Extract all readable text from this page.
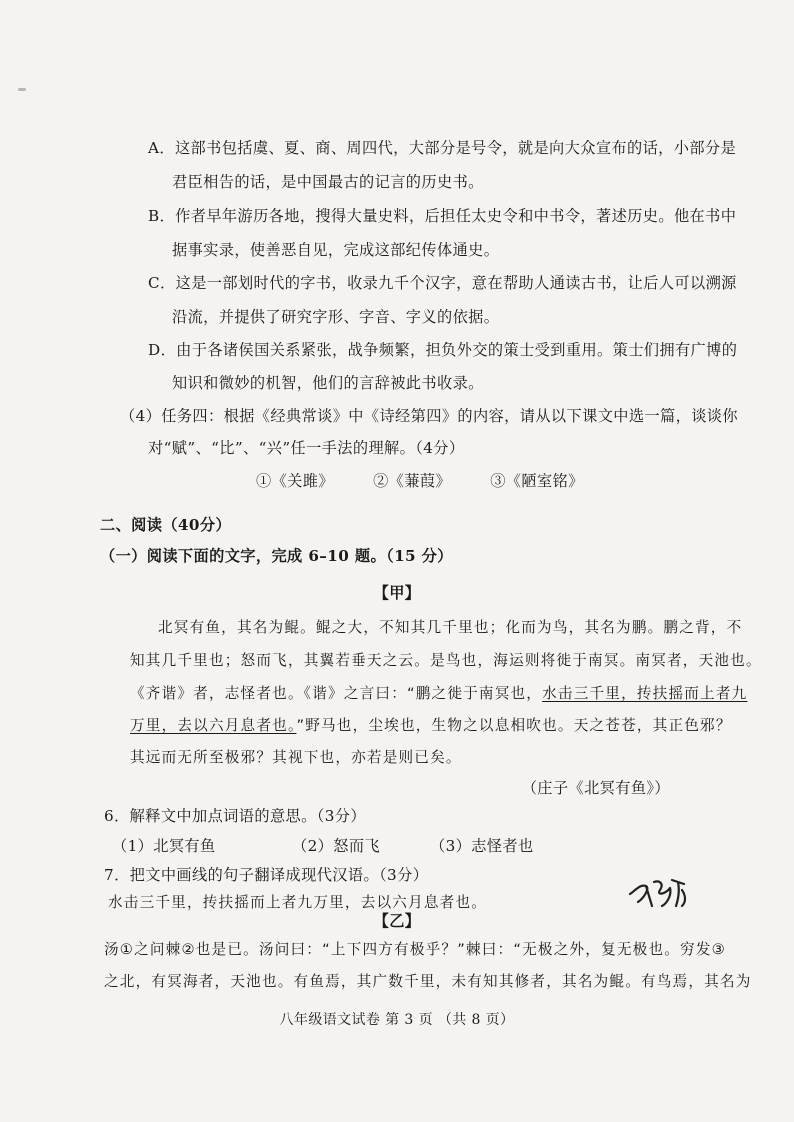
A．这部书包括虞、夏、商、周四代，大部分是号令，就是向大众宣布的话，小部分是
君臣相告的话，是中国最古的记言的历史书。
B．作者早年游历各地，搜得大量史料，后担任太史令和中书令，著述历史。他在书中
据事实录，使善恶自见，完成这部纪传体通史。
C．这是一部划时代的字书，收录九千个汉字，意在帮助人通读古书，让后人可以溯源
沿流，并提供了研究字形、字音、字义的依据。
D．由于各诸侯国关系紧张，战争频繁，担负外交的策士受到重用。策士们拥有广博的
知识和微妙的机智，他们的言辞被此书收录。
（4）任务四：根据《经典常谈》中《诗经第四》的内容，请从以下课文中选一篇，谈谈你
对“赋”、“比”、“兴”任一手法的理解。（4分）
①《关雎》　　　②《蒹葭》　　　③《陋室铭》
二、阅读（40分）
（一）阅读下面的文字，完成 6–10 题。（15 分）
【甲】
北冥有鱼，其名为鲲。鲲之大，不知其几千里也；化而为鸟，其名为鹏。鹏之背，不
知其几千里也；怒而飞，其翼若垂天之云。是鸟也，海运则将徙于南冥。南冥者，天池也。
《齐谐》者，志怪者也。《谐》之言曰：“鹏之徙于南冥也，水击三千里，抟扶摇而上者九
万里，去以六月息者也。”野马也，尘埃也，生物之以息相吹也。天之苍苍，其正色邪？
其远而无所至极邪？其视下也，亦若是则已矣。
（庄子《北冥有鱼》）
6．解释文中加点词语的意思。（3分）
（1）北冥有鱼	（2）怒而飞	（3）志怪者也
7．把文中画线的句子翻译成现代汉语。（3分）
水击三千里，抟扶摇而上者九万里，去以六月息者也。
【乙】
汤①之问棘②也是已。汤问曰：“上下四方有极乎？”棘曰：“无极之外，复无极也。穷发③
之北，有冥海者，天池也。有鱼焉，其广数千里，未有知其修者，其名为鲲。有鸟焉，其名为
八年级语文试卷 第 3 页 （共 8 页）
